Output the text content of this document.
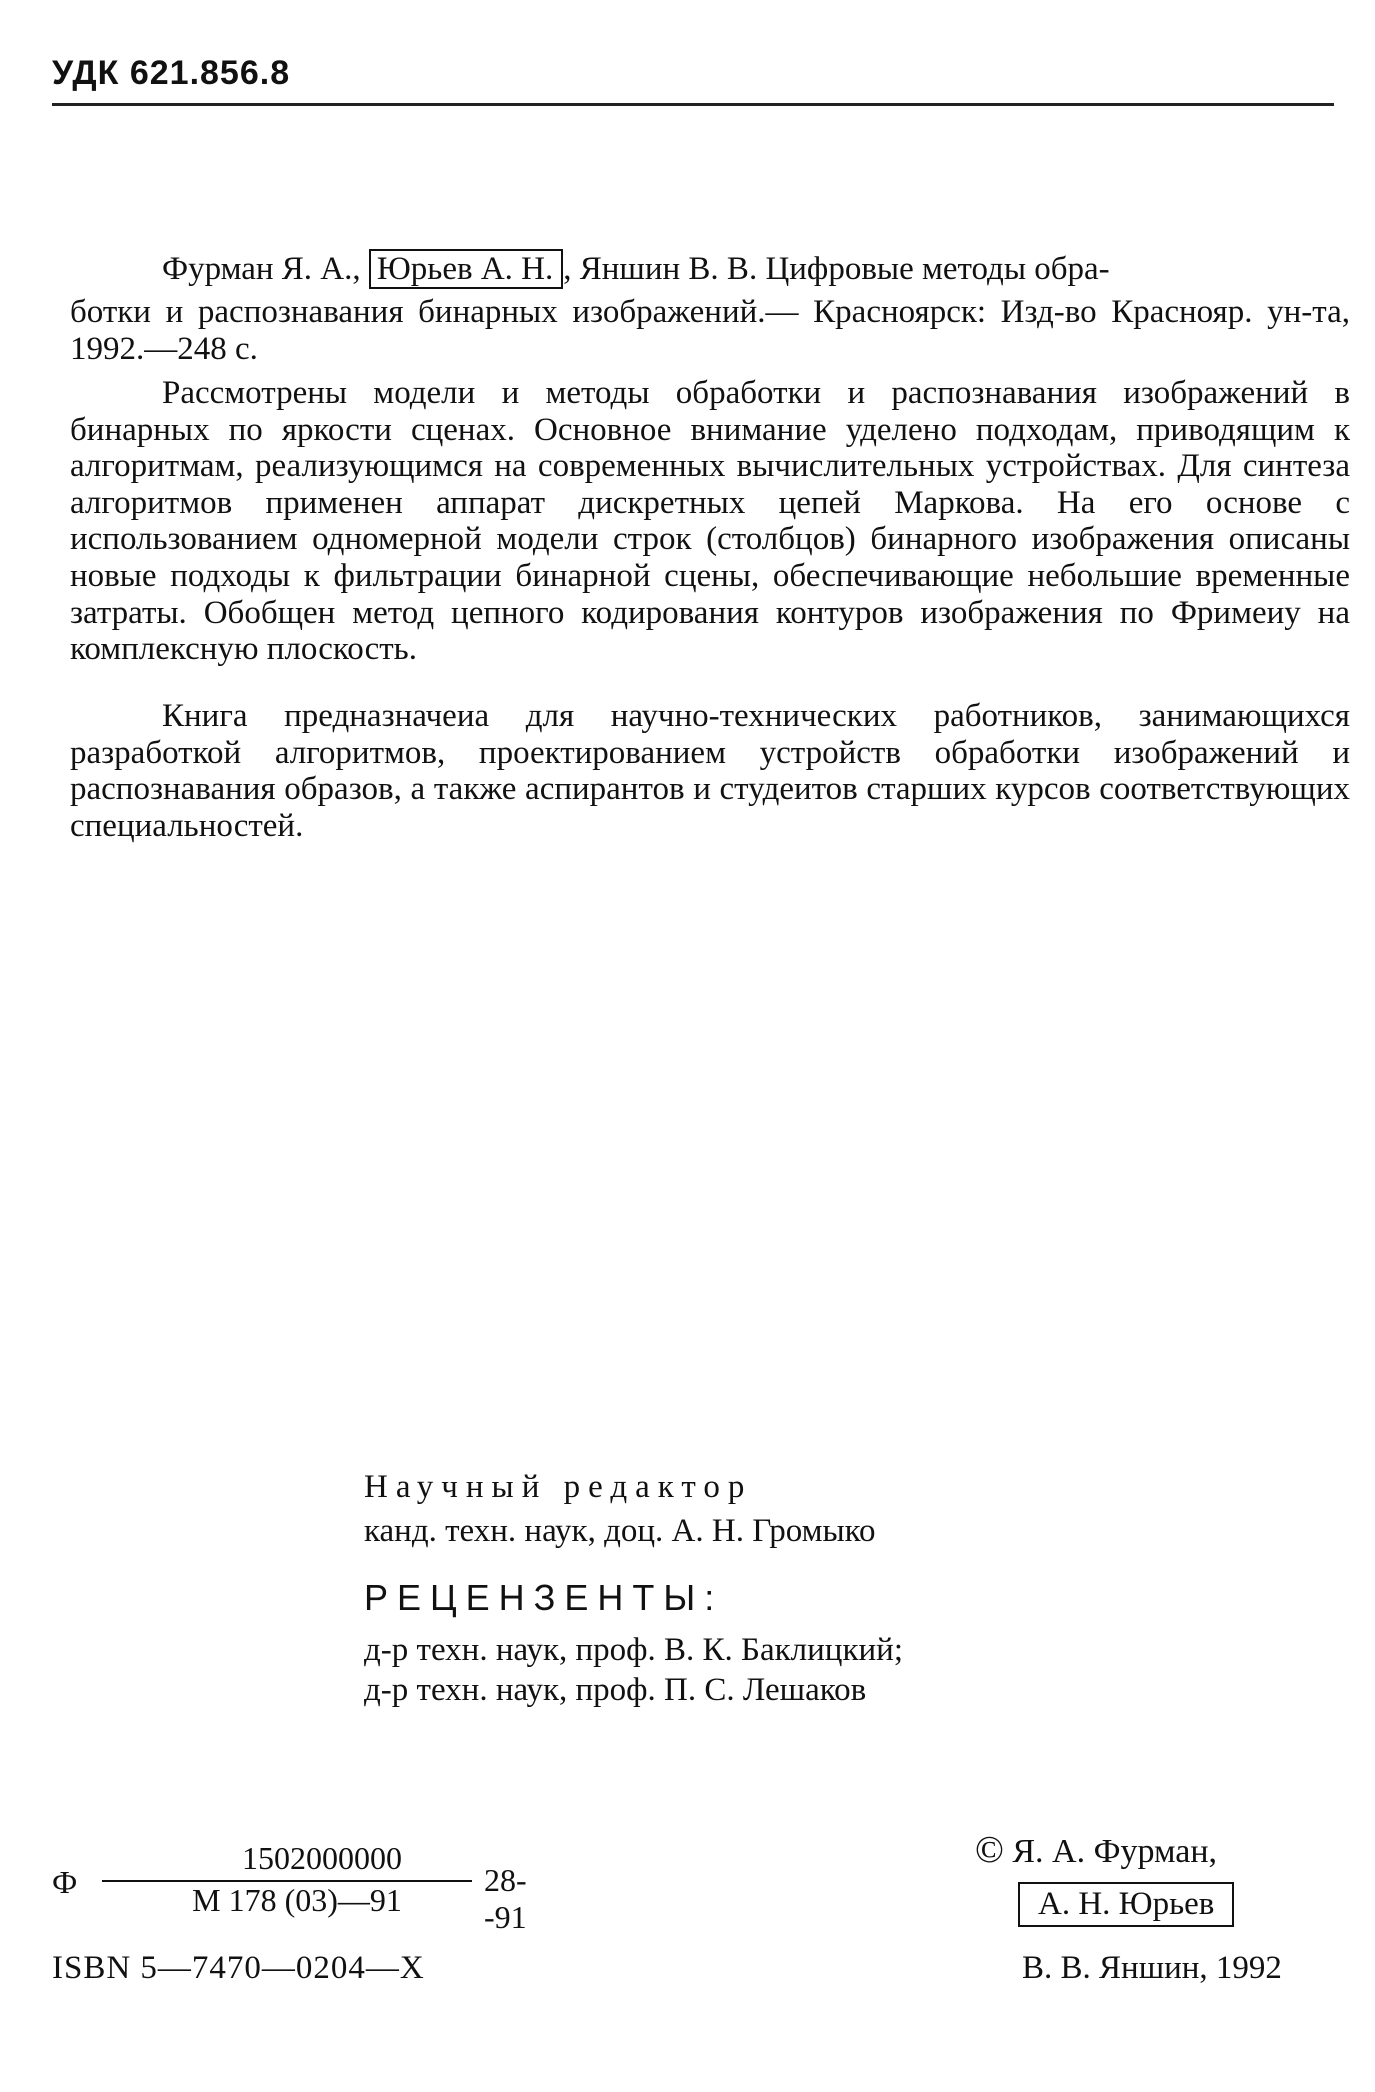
УДК 621.856.8

Фурман Я. А., Юрьев А. Н. , Яншин В. В. Цифровые методы обра-
ботки и распознавания бинарных изображений.— Красноярск: Изд-во Краснояр. ун-та, 1992.—248 с.

Рассмотрены модели и методы обработки и распознавания изображений в бинарных по яркости сценах. Основное внимание уделено подходам, приводящим к алгоритмам, реализующимся на современных вычислительных устройствах. Для синтеза алгоритмов применен аппарат дискретных цепей Маркова. На его основе с использованием одномерной модели строк (столбцов) бинарного изображения описаны новые подходы к фильтрации бинарной сцены, обеспечивающие небольшие временные затраты. Обобщен метод цепного кодирования контуров изображения по Фримеиу на комплексную плоскость.

Книга предназначеиа для научно-технических работников, занимающихся разработкой алгоритмов, проектированием устройств обработки изображений и распознавания образов, а также аспирантов и студеитов старших курсов соответствующих специальностей.

Научный редактор
канд. техн. наук, доц. А. Н. Громыко
РЕЦЕНЗЕНТЫ:
д-р техн. наук, проф. В. К. Баклицкий;
д-р техн. наук, проф. П. С. Лешаков
Ф
1502000000
М 178 (03)—91
28--91
ISBN 5—7470—0204—X
© Я. А. Фурман,
А. Н. Юрьев
В. В. Яншин, 1992
